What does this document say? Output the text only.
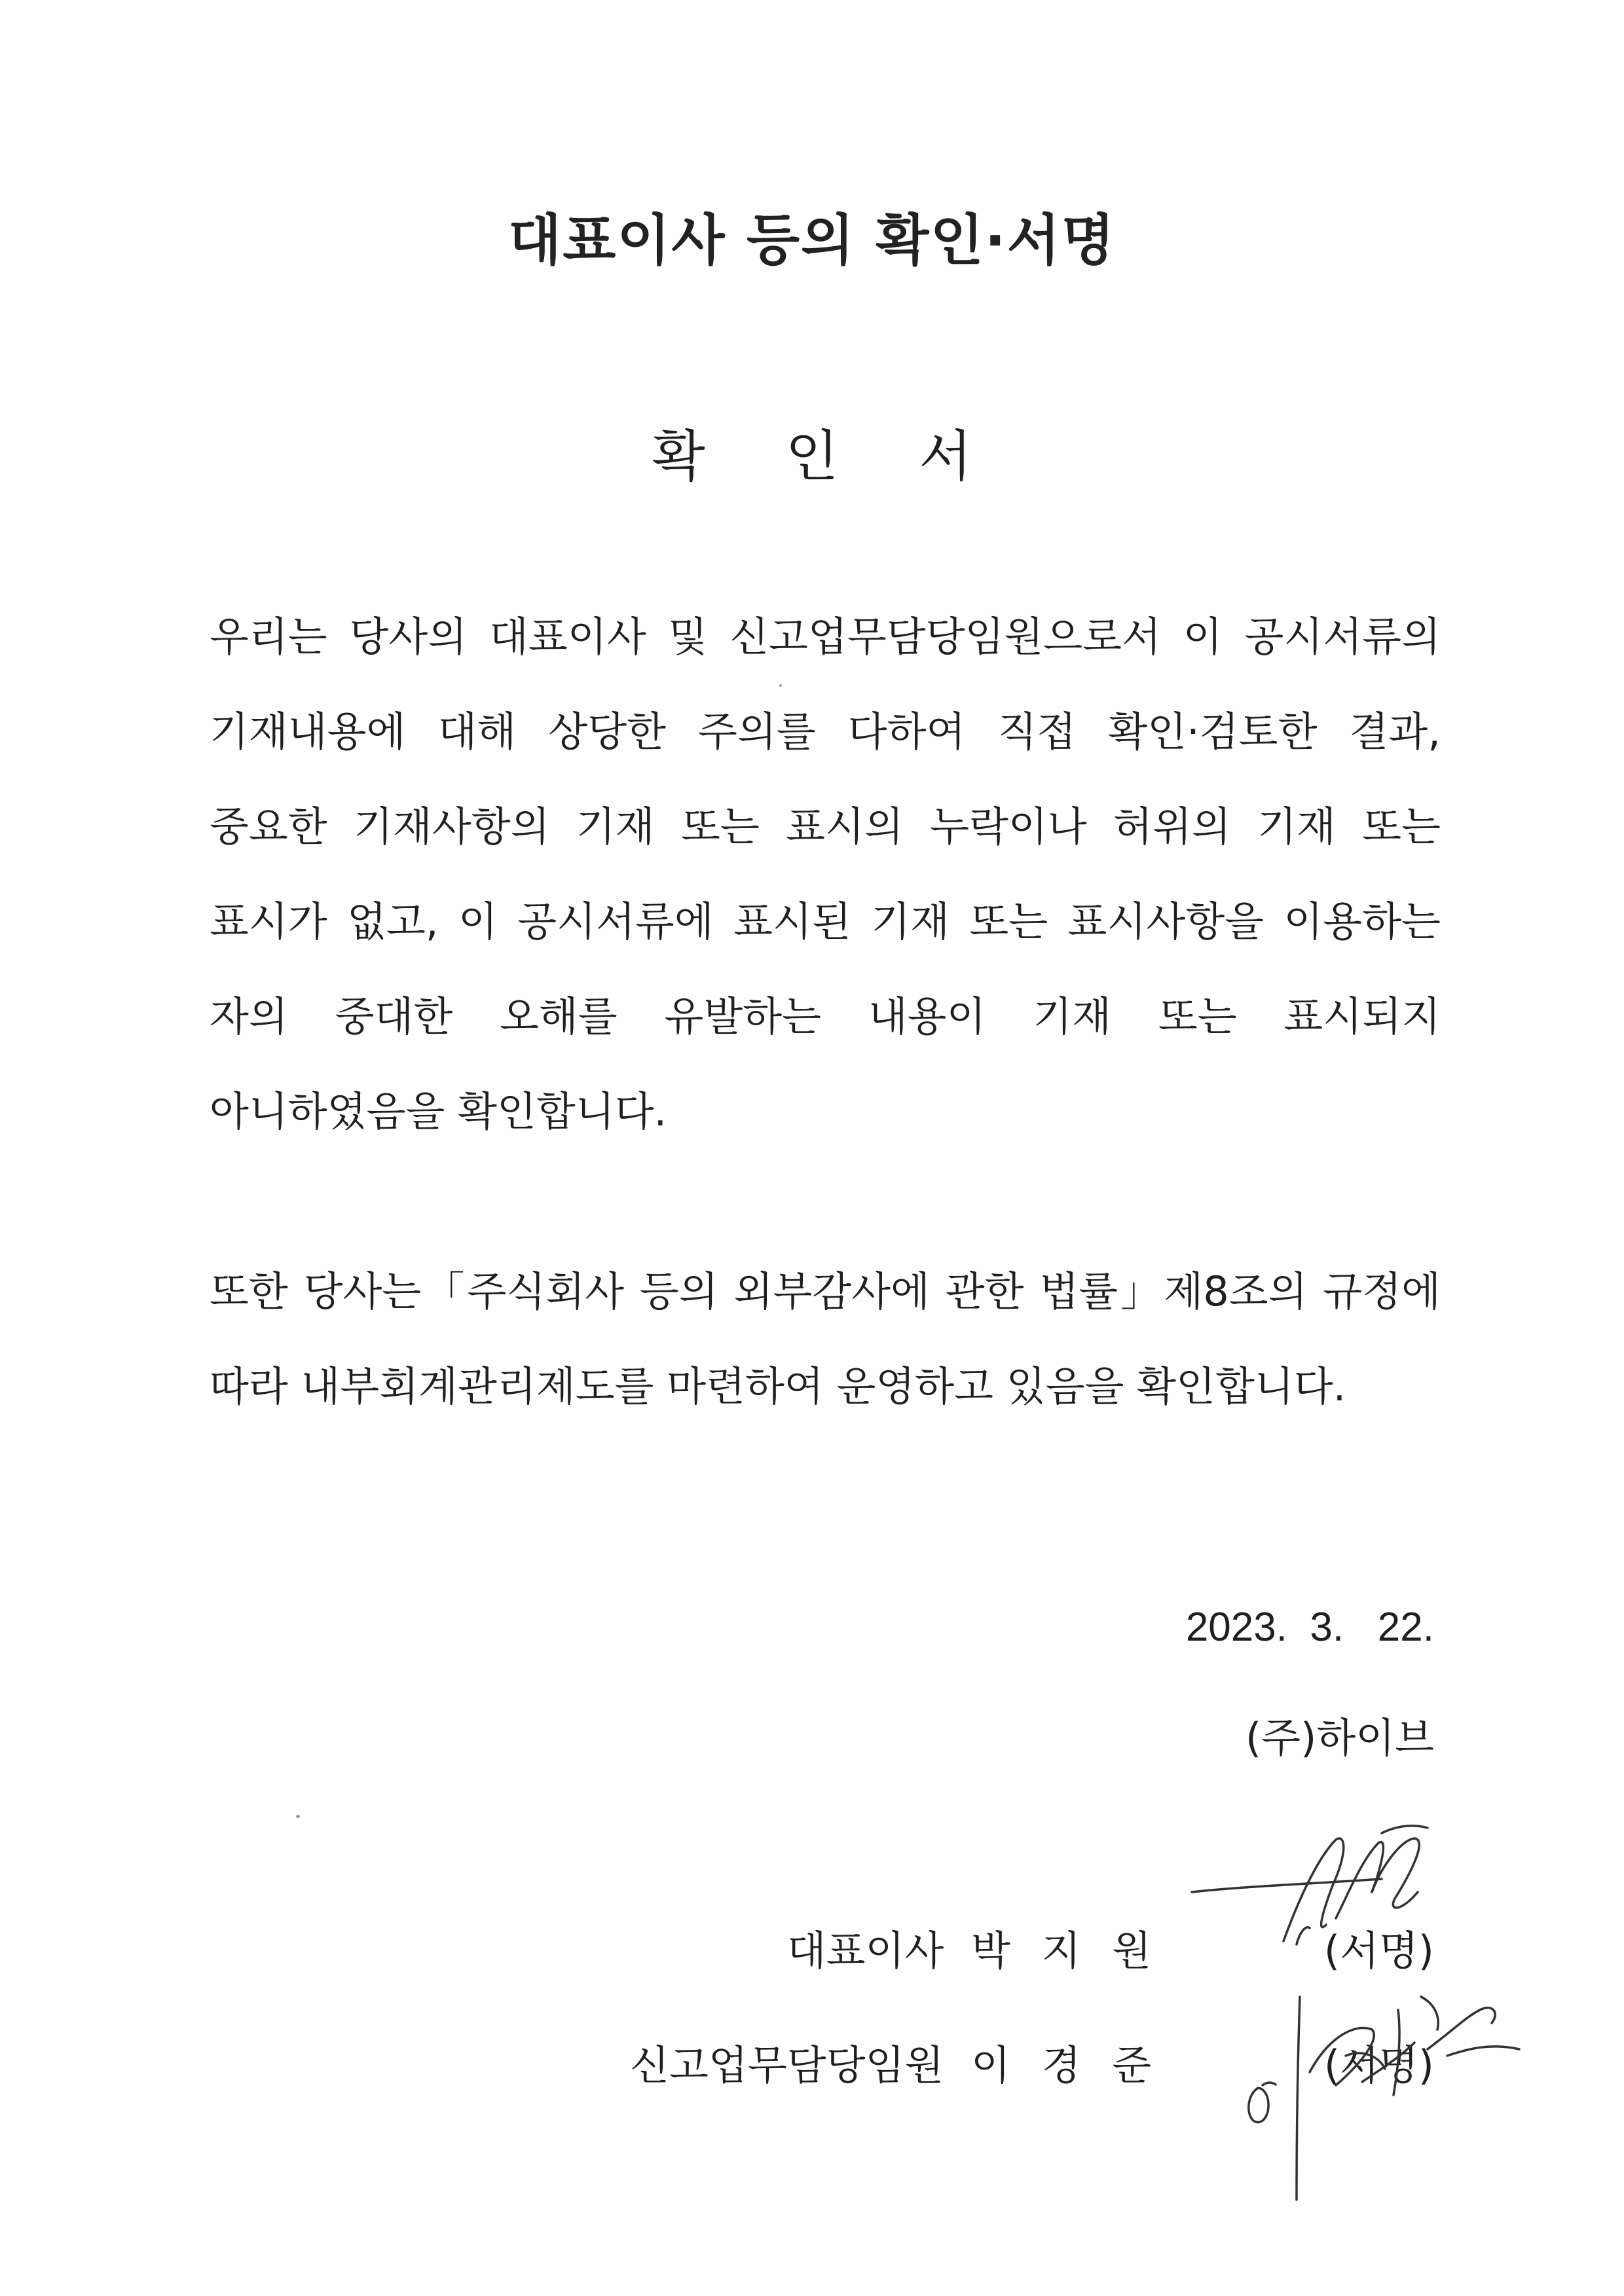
대표이사 등의 확인·서명
확 인 서
우리는 당사의 대표이사 및 신고업무담당임원으로서 이 공시서류의
기재내용에 대해 상당한 주의를 다하여 직접 확인·검토한 결과,
중요한 기재사항의 기재 또는 표시의 누락이나 허위의 기재 또는
표시가 없고, 이 공시서류에 표시된 기재 또는 표시사항을 이용하는
자의 중대한 오해를 유발하는 내용이 기재 또는 표시되지
아니하였음을 확인합니다.
또한 당사는「주식회사 등의 외부감사에 관한 법률」제8조의 규정에
따라 내부회계관리제도를 마련하여 운영하고 있음을 확인합니다.
2023.  3.   22.
(주)하이브
대표이사 박 지 원	(서명)
신고업무담당임원 이 경 준	(서명)
